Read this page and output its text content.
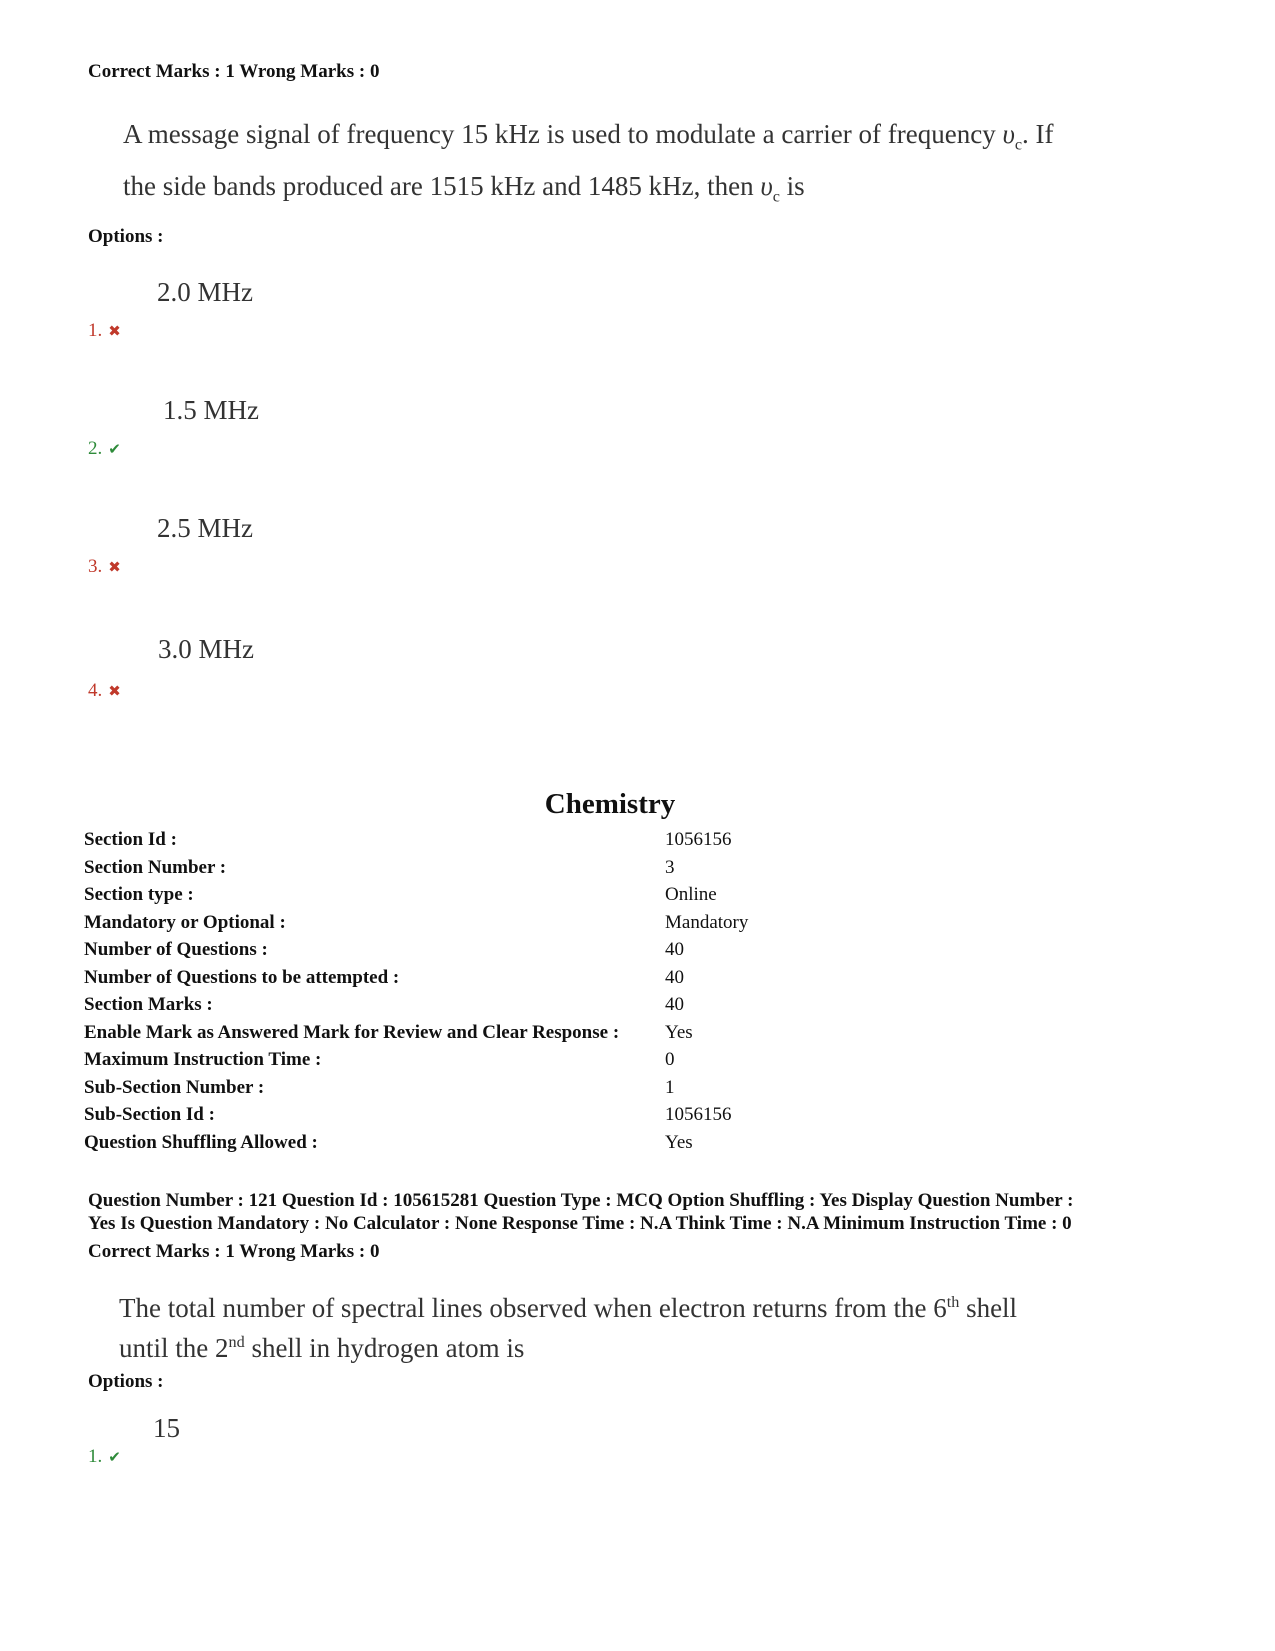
Correct Marks : 1 Wrong Marks : 0
A message signal of frequency 15 kHz is used to modulate a carrier of frequency $\upsilon_c$. If
the side bands produced are 1515 kHz and 1485 kHz, then $\upsilon_c$ is
Options :
2.0 MHz
1. ✖
1.5 MHz
2. ✔
2.5 MHz
3. ✖
3.0 MHz
4. ✖
Chemistry
Section Id :	1056156
Section Number :	3
Section type :	Online
Mandatory or Optional :	Mandatory
Number of Questions :	40
Number of Questions to be attempted :	40
Section Marks :	40
Enable Mark as Answered Mark for Review and Clear Response : Yes
Maximum Instruction Time :	0
Sub-Section Number :	1
Sub-Section Id :	1056156
Question Shuffling Allowed :	Yes
Question Number : 121 Question Id : 105615281 Question Type : MCQ Option Shuffling : Yes Display Question Number :
Yes Is Question Mandatory : No Calculator : None Response Time : N.A Think Time : N.A Minimum Instruction Time : 0
Correct Marks : 1 Wrong Marks : 0
The total number of spectral lines observed when electron returns from the 6th shell
until the 2nd shell in hydrogen atom is
Options :
15
1. ✔
